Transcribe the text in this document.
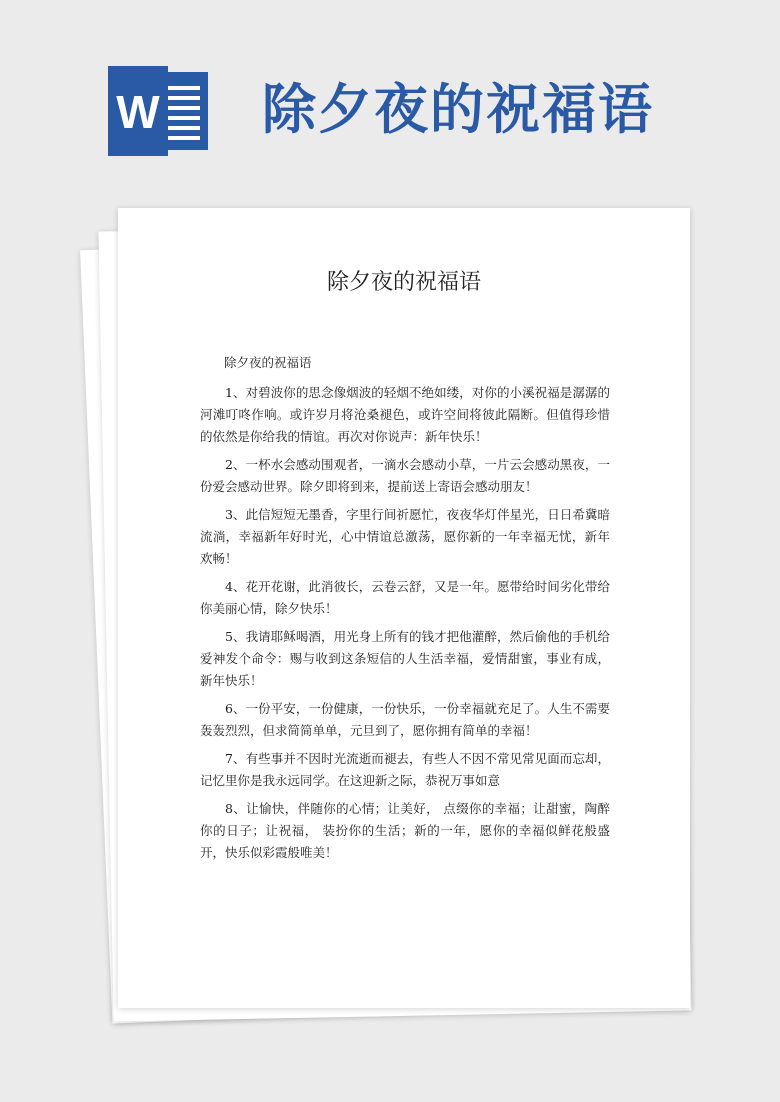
W 除夕夜的祝福语
除夕夜的祝福语

除夕夜的祝福语

1、对碧波你的思念像烟波的轻烟不绝如缕，对你的小溪祝福是潺潺的河滩叮咚作响。或许岁月将沧桑褪色，或许空间将彼此隔断。但值得珍惜的依然是你给我的情谊。再次对你说声：新年快乐！

2、一杯水会感动围观者，一滴水会感动小草，一片云会感动黑夜，一份爱会感动世界。除夕即将到来，提前送上寄语会感动朋友！

3、此信短短无墨香，字里行间祈愿忙，夜夜华灯伴星光，日日希冀暗流淌，幸福新年好时光，心中情谊总激荡，愿你新的一年幸福无忧，新年欢畅！

4、花开花谢，此消彼长，云卷云舒，又是一年。愿带给时间劣化带给你美丽心情，除夕快乐！

5、我请耶稣喝酒，用光身上所有的钱才把他灌醉，然后偷他的手机给爱神发个命令：赐与收到这条短信的人生活幸福，爱情甜蜜，事业有成，新年快乐！

6、一份平安，一份健康，一份快乐，一份幸福就充足了。人生不需要轰轰烈烈，但求简简单单，元旦到了，愿你拥有简单的幸福！

7、有些事并不因时光流逝而褪去，有些人不因不常见常见面而忘却，记忆里你是我永远同学。在这迎新之际，恭祝万事如意

8、让愉快，伴随你的心情；让美好， 点缀你的幸福；让甜蜜，陶醉你的日子；让祝福， 装扮你的生活；新的一年，愿你的幸福似鲜花般盛开，快乐似彩霞般唯美！
